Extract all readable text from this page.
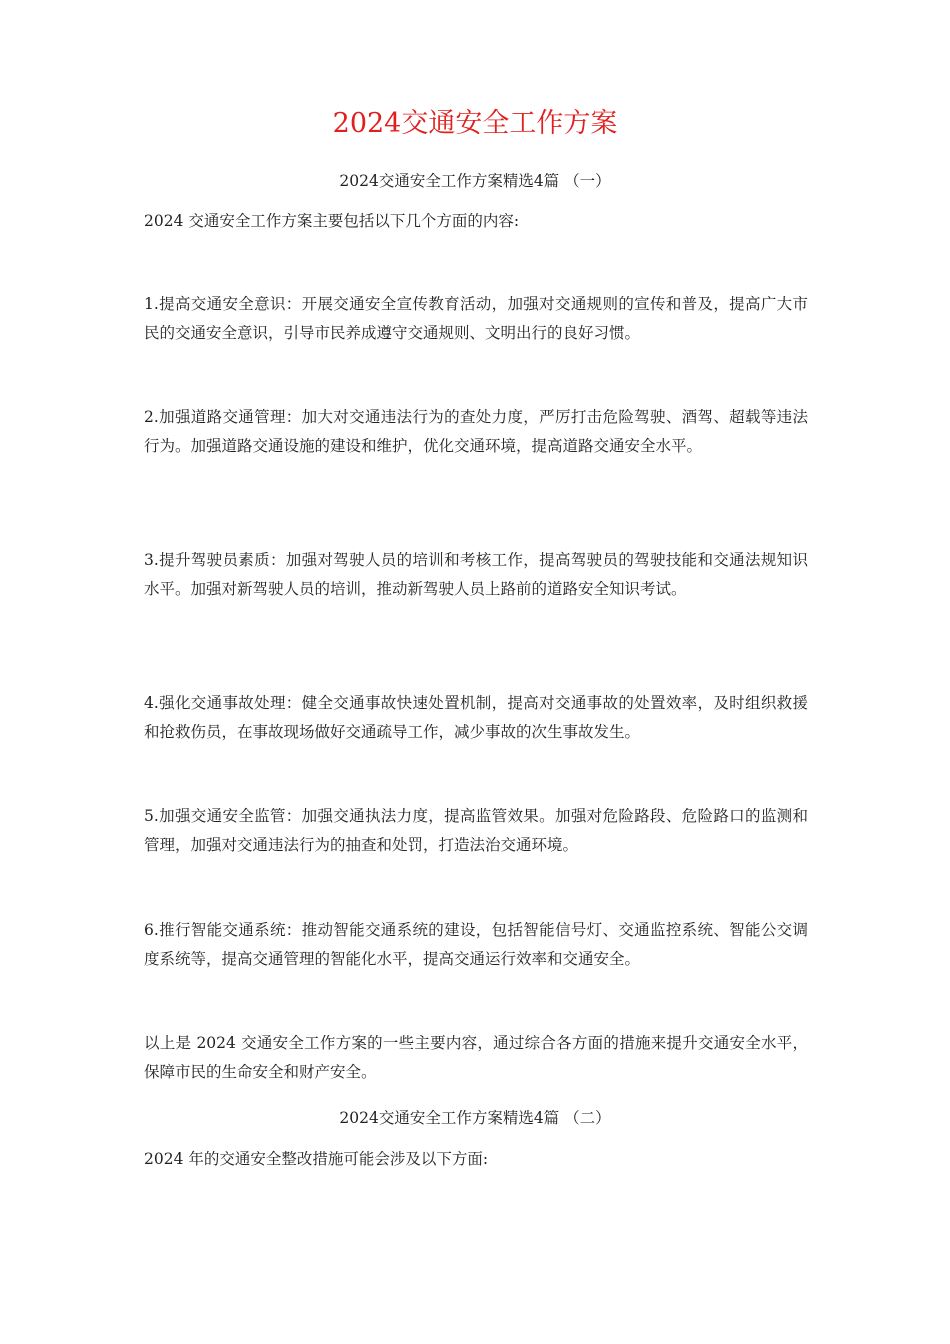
2024交通安全工作方案

2024交通安全工作方案精选4篇 （一）

2024 交通安全工作方案主要包括以下几个方面的内容:

1.提高交通安全意识：开展交通安全宣传教育活动，加强对交通规则的宣传和普及，提高广大市民的交通安全意识，引导市民养成遵守交通规则、文明出行的良好习惯。

2.加强道路交通管理：加大对交通违法行为的查处力度，严厉打击危险驾驶、酒驾、超载等违法行为。加强道路交通设施的建设和维护，优化交通环境，提高道路交通安全水平。

3.提升驾驶员素质：加强对驾驶人员的培训和考核工作，提高驾驶员的驾驶技能和交通法规知识水平。加强对新驾驶人员的培训，推动新驾驶人员上路前的道路安全知识考试。

4.强化交通事故处理：健全交通事故快速处置机制，提高对交通事故的处置效率，及时组织救援和抢救伤员，在事故现场做好交通疏导工作，减少事故的次生事故发生。

5.加强交通安全监管：加强交通执法力度，提高监管效果。加强对危险路段、危险路口的监测和管理，加强对交通违法行为的抽查和处罚，打造法治交通环境。

6.推行智能交通系统：推动智能交通系统的建设，包括智能信号灯、交通监控系统、智能公交调度系统等，提高交通管理的智能化水平，提高交通运行效率和交通安全。

以上是 2024 交通安全工作方案的一些主要内容，通过综合各方面的措施来提升交通安全水平，保障市民的生命安全和财产安全。

2024交通安全工作方案精选4篇 （二）

2024 年的交通安全整改措施可能会涉及以下方面:
